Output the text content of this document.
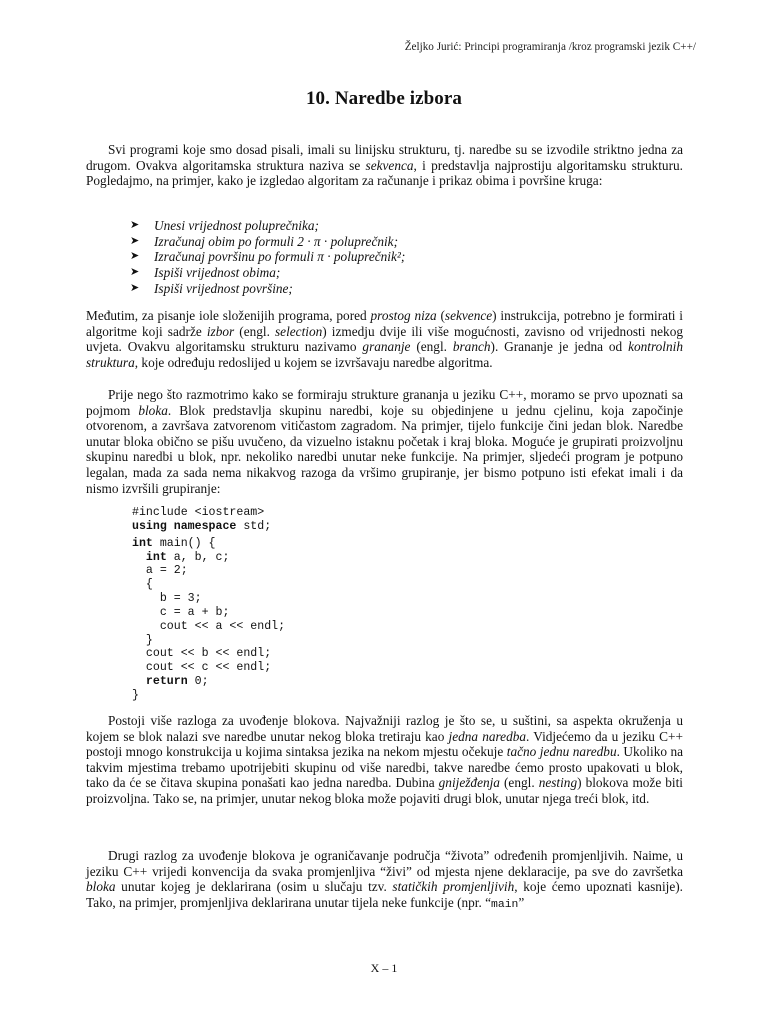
Željko Jurić: Principi programiranja /kroz programski jezik C++/
10. Naredbe izbora

Svi programi koje smo dosad pisali, imali su linijsku strukturu, tj. naredbe su se izvodile striktno jedna za drugom. Ovakva algoritamska struktura naziva se sekvenca, i predstavlja najprostiju algoritamsku strukturu. Pogledajmo, na primjer, kako je izgledao algoritam za računanje i prikaz obima i površine kruga:

➤ Unesi vrijednost poluprečnika;
➤ Izračunaj obim po formuli 2 · π · poluprečnik;
➤ Izračunaj površinu po formuli π · poluprečnik²;
➤ Ispiši vrijednost obima;
➤ Ispiši vrijednost površine;

Međutim, za pisanje iole složenijih programa, pored prostog niza (sekvence) instrukcija, potrebno je formirati i algoritme koji sadrže izbor (engl. selection) izmedju dvije ili više mogućnosti, zavisno od vrijednosti nekog uvjeta. Ovakvu algoritamsku strukturu nazivamo grananje (engl. branch). Grananje je jedna od kontrolnih struktura, koje određuju redoslijed u kojem se izvršavaju naredbe algoritma.

Prije nego što razmotrimo kako se formiraju strukture grananja u jeziku C++, moramo se prvo upoznati sa pojmom bloka. Blok predstavlja skupinu naredbi, koje su objedinjene u jednu cjelinu, koja započinje otvorenom, a završava zatvorenom vitičastom zagradom. Na primjer, tijelo funkcije čini jedan blok. Naredbe unutar bloka obično se pišu uvučeno, da vizuelno istaknu početak i kraj bloka. Moguće je grupirati proizvoljnu skupinu naredbi u blok, npr. nekoliko naredbi unutar neke funkcije. Na primjer, sljedeći program je potpuno legalan, mada za sada nema nikakvog razoga da vršimo grupiranje, jer bismo potpuno isti efekat imali i da nismo izvršili grupiranje:

#include <iostream>
using namespace std;
int main() {
int a, b, c;
a = 2;
{
b = 3;
c = a + b;
cout << a << endl;
}
cout << b << endl;
cout << c << endl;
return 0;
}

Postoji više razloga za uvođenje blokova. Najvažniji razlog je što se, u suštini, sa aspekta okruženja u kojem se blok nalazi sve naredbe unutar nekog bloka tretiraju kao jedna naredba. Vidjećemo da u jeziku C++ postoji mnogo konstrukcija u kojima sintaksa jezika na nekom mjestu očekuje tačno jednu naredbu. Ukoliko na takvim mjestima trebamo upotrijebiti skupinu od više naredbi, takve naredbe ćemo prosto upakovati u blok, tako da će se čitava skupina ponašati kao jedna naredba. Dubina gniježđenja (engl. nesting) blokova može biti proizvoljna. Tako se, na primjer, unutar nekog bloka može pojaviti drugi blok, unutar njega treći blok, itd.

Drugi razlog za uvođenje blokova je ograničavanje područja “života” određenih promjenljivih. Naime, u jeziku C++ vrijedi konvencija da svaka promjenljiva “živi” od mjesta njene deklaracije, pa sve do završetka bloka unutar kojeg je deklarirana (osim u slučaju tzv. statičkih promjenljivih, koje ćemo upoznati kasnije). Tako, na primjer, promjenljiva deklarirana unutar tijela neke funkcije (npr. “main”

X – 1
